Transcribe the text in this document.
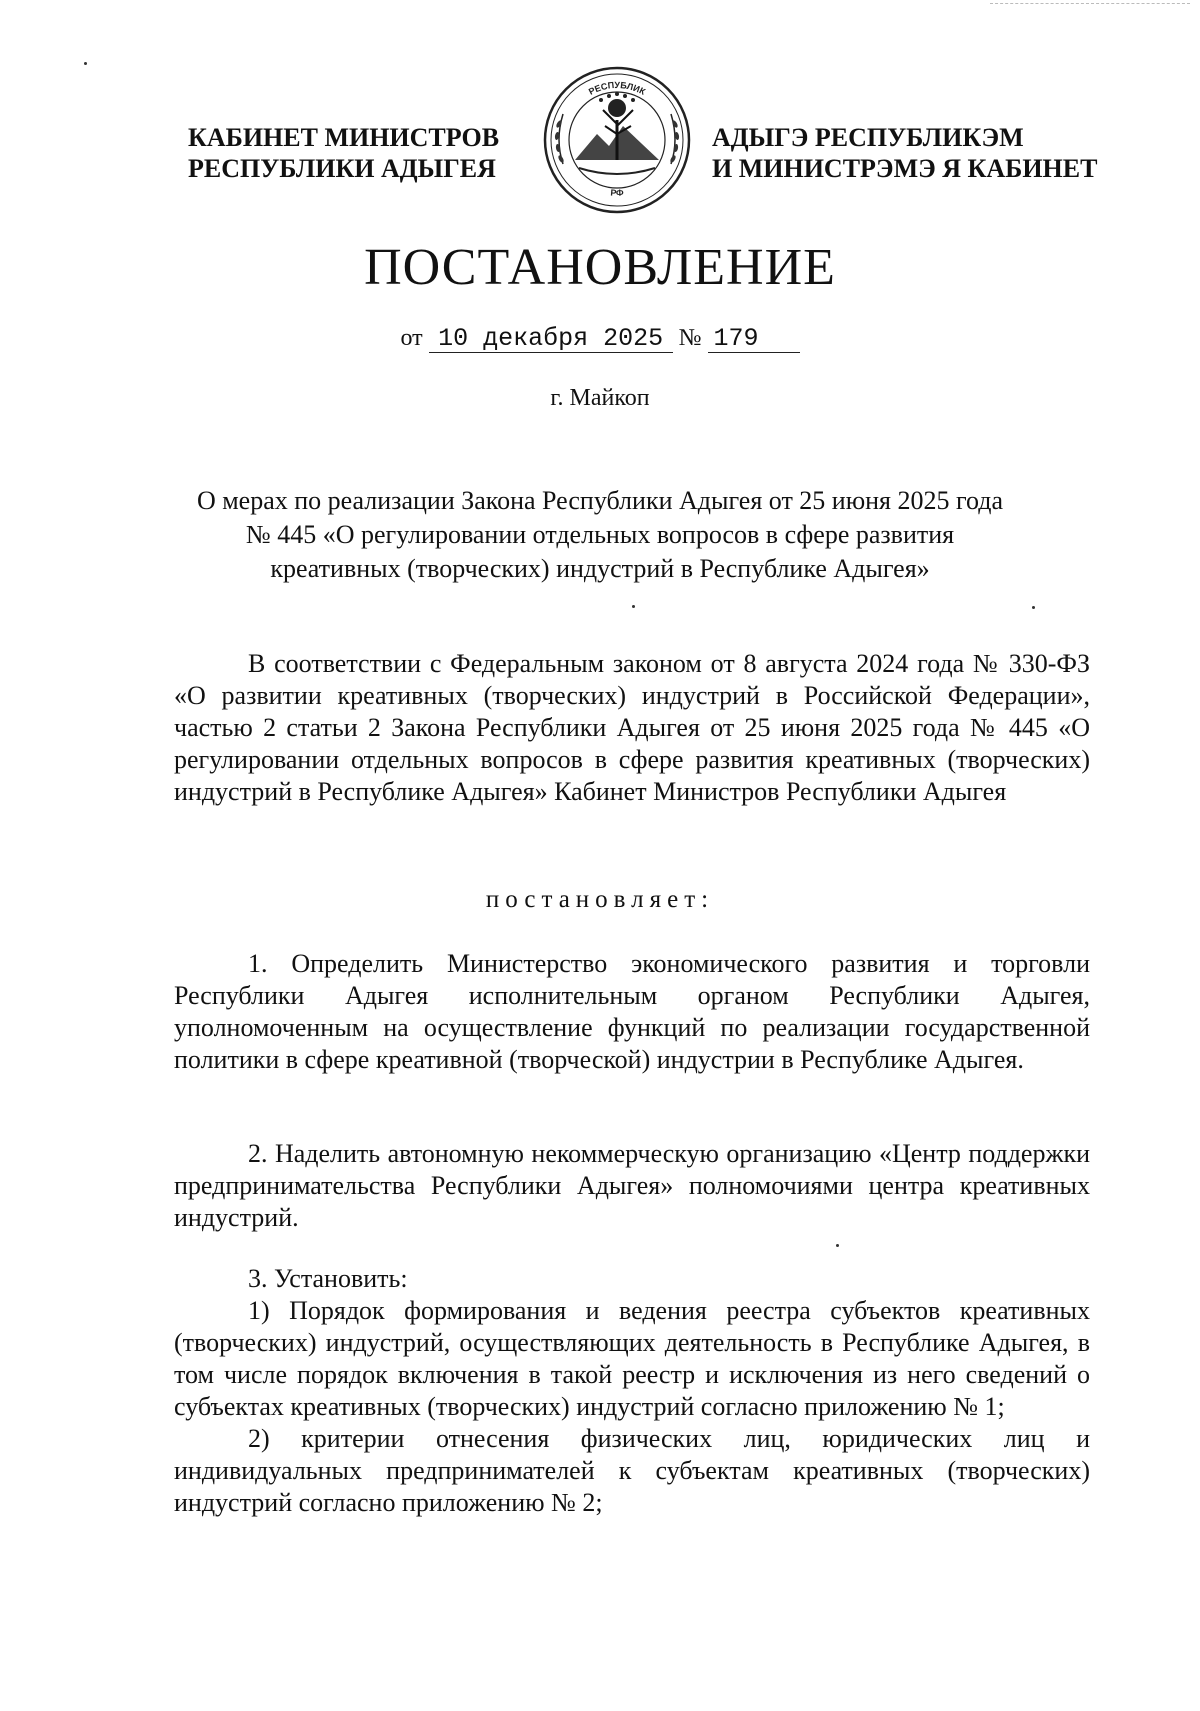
КАБИНЕТ МИНИСТРОВ
РЕСПУБЛИКИ АДЫГЕЯ
РЕСПУБЛИК
РФ
АДЫГЭ РЕСПУБЛИКЭМ
И МИНИСТРЭМЭ Я КАБИНЕТ
ПОСТАНОВЛЕНИЕ
от 10 декабря 2025 № 179
г. Майкоп
О мерах по реализации Закона Республики Адыгея от 25 июня 2025 года
№ 445 «О регулировании отдельных вопросов в сфере развития
креативных (творческих) индустрий в Республике Адыгея»

В соответствии с Федеральным законом от 8 августа 2024 года № 330-ФЗ «О развитии креативных (творческих) индустрий в Российской Федерации», частью 2 статьи 2 Закона Республики Адыгея от 25 июня 2025 года № 445 «О регулировании отдельных вопросов в сфере развития креативных (творческих) индустрий в Республике Адыгея» Кабинет Министров Республики Адыгея

постановляет:

1. Определить Министерство экономического развития и торговли Республики Адыгея исполнительным органом Республики Адыгея, уполномоченным на осуществление функций по реализации государственной политики в сфере креативной (творческой) индустрии в Республике Адыгея.

2. Наделить автономную некоммерческую организацию «Центр поддержки предпринимательства Республики Адыгея» полномочиями центра креативных индустрий.

3. Установить:

1) Порядок формирования и ведения реестра субъектов креативных (творческих) индустрий, осуществляющих деятельность в Республике Адыгея, в том числе порядок включения в такой реестр и исключения из него сведений о субъектах креативных (творческих) индустрий согласно приложению № 1;

2) критерии отнесения физических лиц, юридических лиц и индивидуальных предпринимателей к субъектам креативных (творческих) индустрий согласно приложению № 2;
